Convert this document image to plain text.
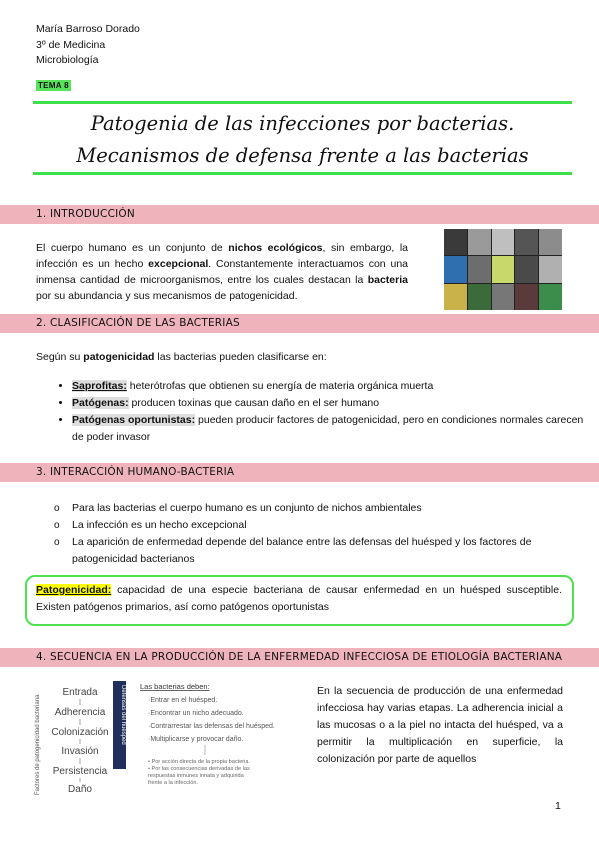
María Barroso Dorado
3º de Medicina
Microbiología
TEMA 8
Patogenia de las infecciones por bacterias. Mecanismos de defensa frente a las bacterias
1. INTRODUCCIÓN
El cuerpo humano es un conjunto de nichos ecológicos, sin embargo, la infección es un hecho excepcional. Constantemente interactuamos con una inmensa cantidad de microorganismos, entre los cuales destacan la bacteria por su abundancia y sus mecanismos de patogenicidad.
2. CLASIFICACIÓN DE LAS BACTERIAS
Según su patogenicidad las bacterias pueden clasificarse en:
• Saprofitas: heterótrofas que obtienen su energía de materia orgánica muerta
• Patógenas: producen toxinas que causan daño en el ser humano
• Patógenas oportunistas: pueden producir factores de patogenicidad, pero en condiciones normales carecen de poder invasor
3. INTERACCIÓN HUMANO-BACTERIA
o Para las bacterias el cuerpo humano es un conjunto de nichos ambientales
o La infección es un hecho excepcional
o La aparición de enfermedad depende del balance entre las defensas del huésped y los factores de patogenicidad bacterianos
Patogenicidad: capacidad de una especie bacteriana de causar enfermedad en un huésped susceptible. Existen patógenos primarios, así como patógenos oportunistas
4. SECUENCIA EN LA PRODUCCIÓN DE LA ENFERMEDAD INFECCIOSA DE ETIOLOGÍA BACTERIANA
Factores de patogenicidad bacteriana
Entrada
Adherencia
Colonización
Invasión
Persistencia
Daño
Defensas del huésped Las bacterias deben:
·Entrar en el huésped.
·Encontrar un nicho adecuado.
·Contrarrestar las defensas del huésped.
·Multiplicarse y provocar daño.
• Por acción directa de la propia bacteria.
• Por las consecuencias derivadas de las
respuestas inmunes innata y adquirida
frente a la infección.
En la secuencia de producción de una enfermedad infecciosa hay varias etapas. La adherencia inicial a las mucosas o a la piel no intacta del huésped, va a permitir la multiplicación en superficie, la colonización por parte de aquellos
1
